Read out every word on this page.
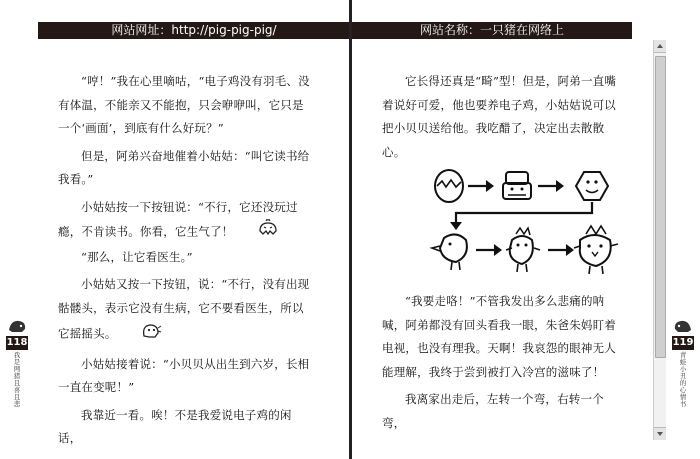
网站网址：http://pig-pig-pig/

“哼！”我在心里嘀咕，“电子鸡没有羽毛、没有体温，不能亲又不能抱，只会咿咿叫，它只是一个‘画面’，到底有什么好玩？”

但是，阿弟兴奋地催着小姑姑：“叫它读书给我看。”

小姑姑按一下按钮说：“不行，它还没玩过瘾，不肯读书。你看，它生气了！

“那么，让它看医生。”

小姑姑又按一下按钮，说：“不行，没有出现骷髅头，表示它没有生病，它不要看医生，所以它摇摇头。

小姑姑接着说：“小贝贝从出生到六岁，长相一直在变呢！”

我靠近一看。唉！不是我爱说电子鸡的闲话，

网站名称：一只猪在网络上

它长得还真是“畸”型！但是，阿弟一直嘴着说好可爱，他也要养电子鸡，小姑姑说可以把小贝贝送给他。我吃醋了，决定出去散散心。

“我要走咯！”不管我发出多么悲痛的呐喊，阿弟都没有回头看我一眼，朱爸朱妈盯着电视，也没有理我。天啊！我哀怨的眼神无人能理解，我终于尝到被打入冷宫的滋味了！

我离家出走后，左转一个弯，右转一个弯，

118
我是网猪且喜且悲
119
青蛙小丑的心情书
